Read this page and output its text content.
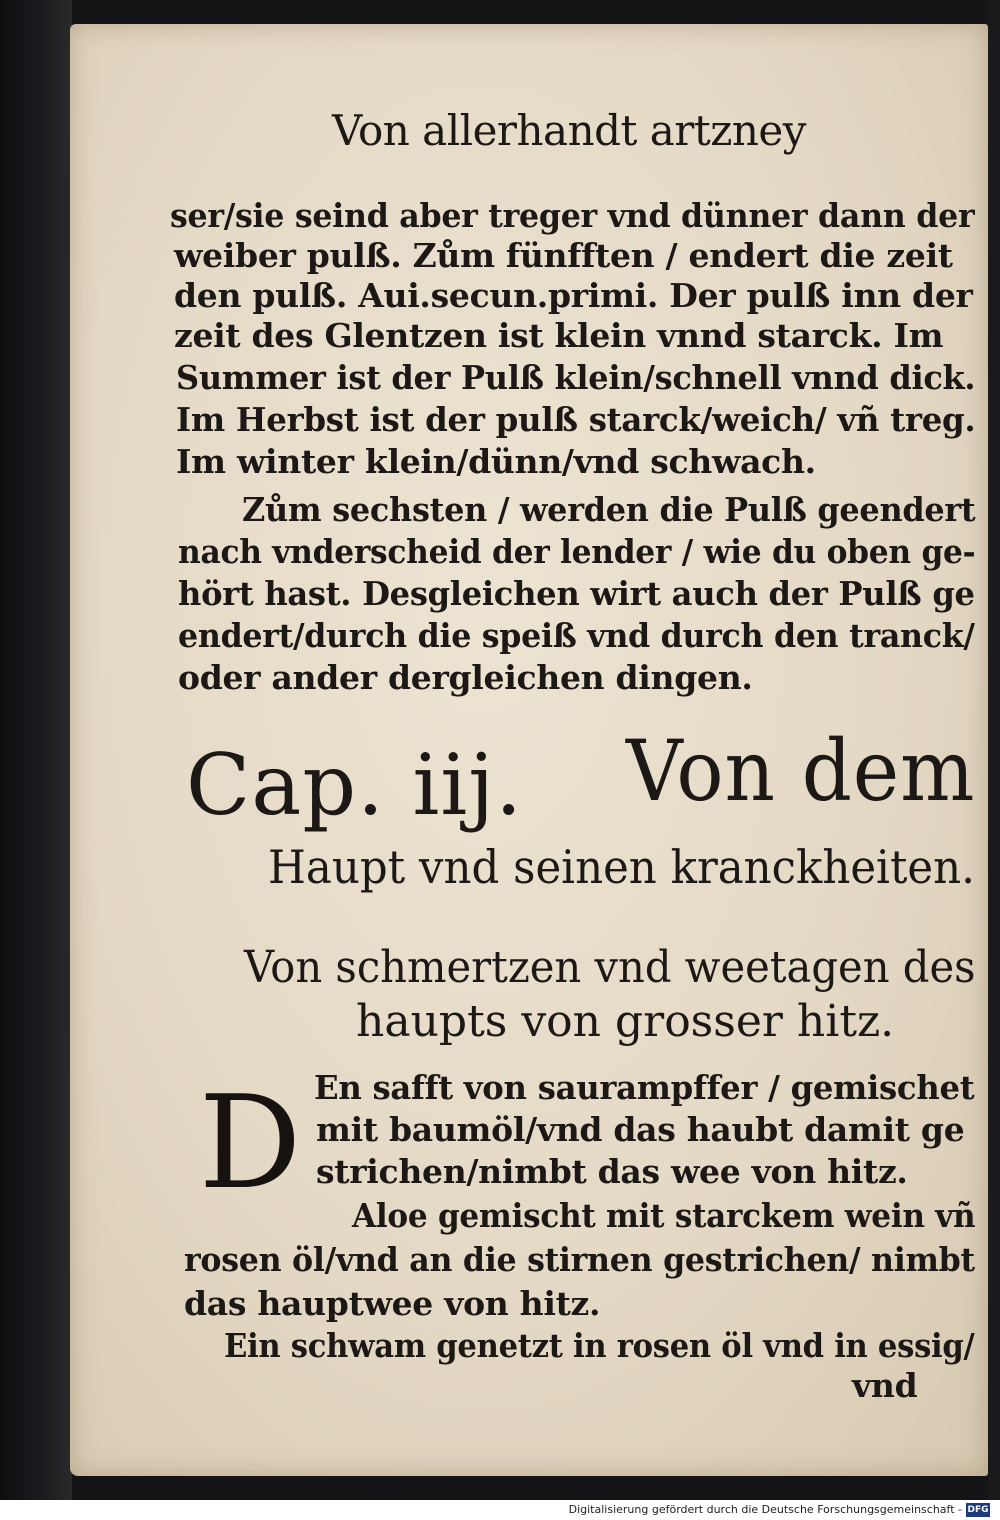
Von allerhandt artzney
ser/sie seind aber treger vnd dünner dann der
weiber pulß. Zům fünfften / endert die zeit
den pulß. Aui.secun.primi. Der pulß inn der
zeit des Glentzen ist klein vnnd starck. Im
Summer ist der Pulß klein/schnell vnnd dick.
Im Herbst ist der pulß starck/weich/ vñ treg.
Im winter klein/dünn/vnd schwach.
Zům sechsten / werden die Pulß geendert
nach vnderscheid der lender / wie du oben ge-
hört hast. Desgleichen wirt auch der Pulß ge
endert/durch die speiß vnd durch den tranck/
oder ander dergleichen dingen.
Cap. iij. Von dem
Haupt vnd seinen kranckheiten.
Von schmertzen vnd weetagen des
haupts von grosser hitz.
D En safft von saurampffer / gemischet
mit baumöl/vnd das haubt damit ge
strichen/nimbt das wee von hitz.
Aloe gemischt mit starckem wein vñ
rosen öl/vnd an die stirnen gestrichen/ nimbt
das hauptwee von hitz.
Ein schwam genetzt in rosen öl vnd in essig/
vnd
Digitalisierung gefördert durch die Deutsche Forschungsgemeinschaft - DFG
